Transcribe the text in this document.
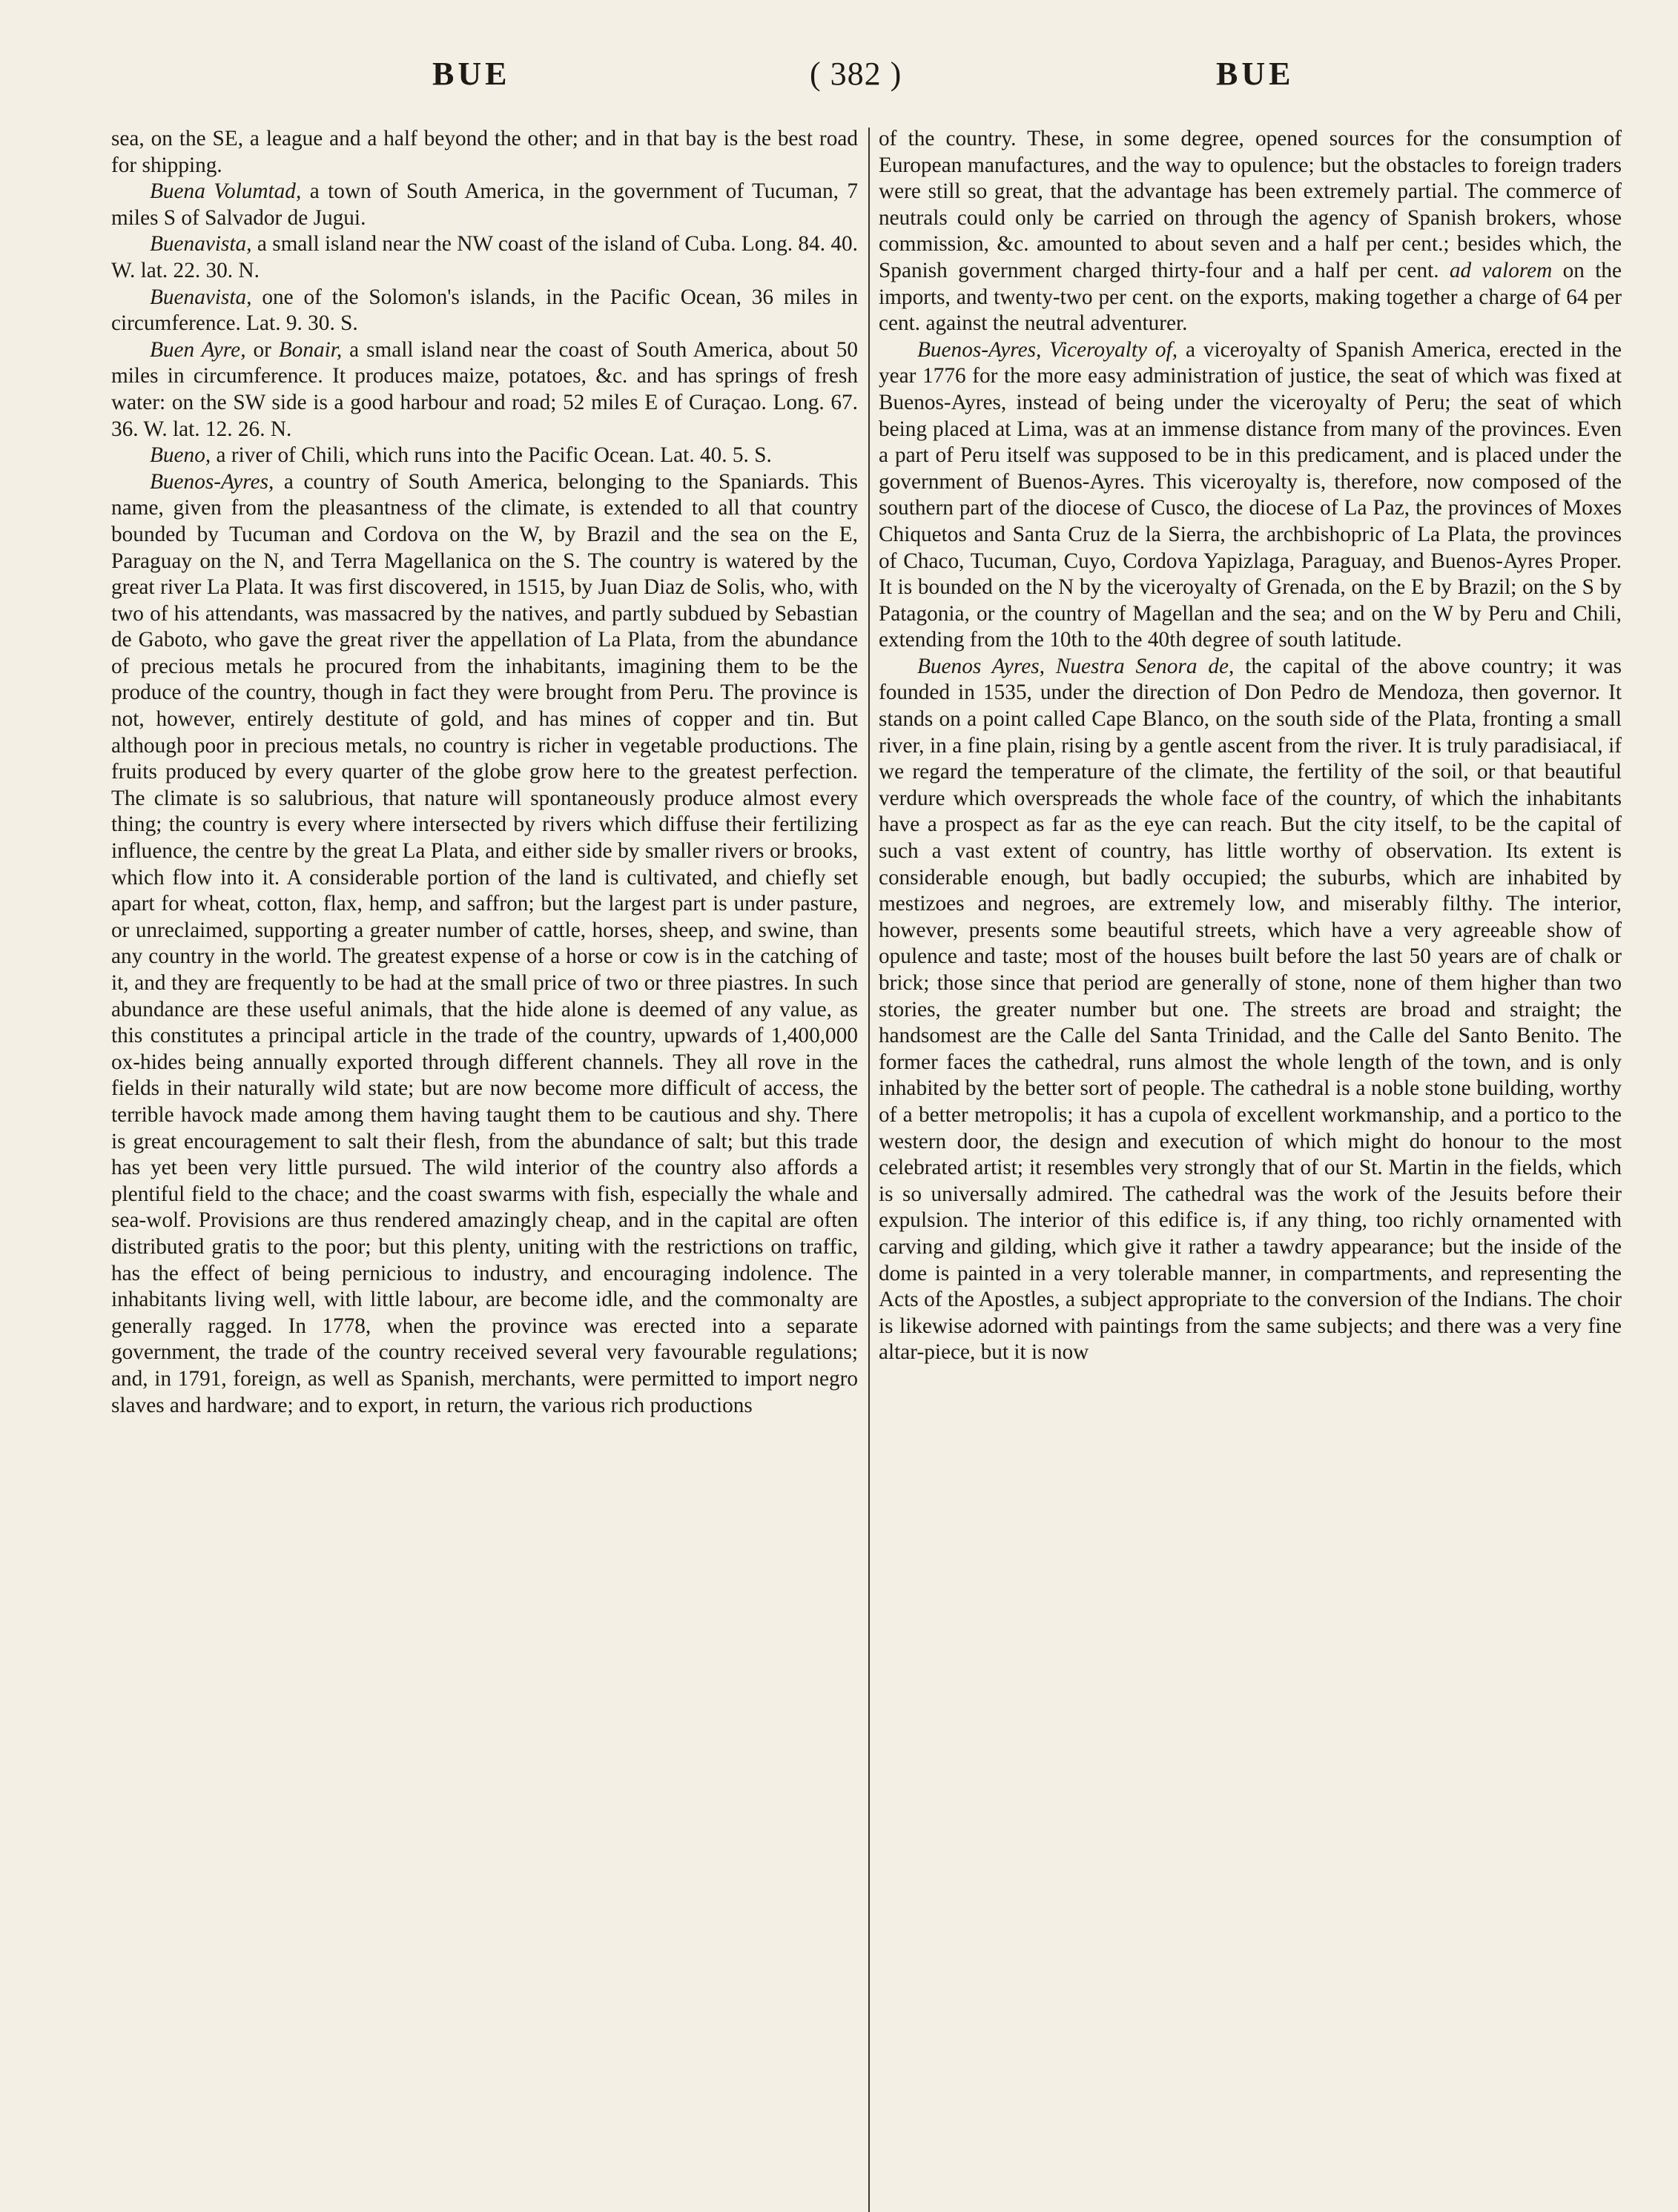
BUE	( 382 )	BUE

sea, on the SE, a league and a half beyond the other; and in that bay is the best road for shipping.

Buena Volumtad, a town of South America, in the government of Tucuman, 7 miles S of Salvador de Jugui.

Buenavista, a small island near the NW coast of the island of Cuba. Long. 84. 40. W. lat. 22. 30. N.

Buenavista, one of the Solomon's islands, in the Pacific Ocean, 36 miles in circumference. Lat. 9. 30. S.

Buen Ayre, or Bonair, a small island near the coast of South America, about 50 miles in circumference. It produces maize, potatoes, &c. and has springs of fresh water: on the SW side is a good harbour and road; 52 miles E of Curaçao. Long. 67. 36. W. lat. 12. 26. N.

Bueno, a river of Chili, which runs into the Pacific Ocean. Lat. 40. 5. S.

Buenos-Ayres, a country of South America, belonging to the Spaniards. This name, given from the pleasantness of the climate, is extended to all that country bounded by Tucuman and Cordova on the W, by Brazil and the sea on the E, Paraguay on the N, and Terra Magellanica on the S. The country is watered by the great river La Plata. It was first discovered, in 1515, by Juan Diaz de Solis, who, with two of his attendants, was massacred by the natives, and partly subdued by Sebastian de Gaboto, who gave the great river the appellation of La Plata, from the abundance of precious metals he procured from the inhabitants, imagining them to be the produce of the country, though in fact they were brought from Peru. The province is not, however, entirely destitute of gold, and has mines of copper and tin. But although poor in precious metals, no country is richer in vegetable productions. The fruits produced by every quarter of the globe grow here to the greatest perfection. The climate is so salubrious, that nature will spontaneously produce almost every thing; the country is every where intersected by rivers which diffuse their fertilizing influence, the centre by the great La Plata, and either side by smaller rivers or brooks, which flow into it. A considerable portion of the land is cultivated, and chiefly set apart for wheat, cotton, flax, hemp, and saffron; but the largest part is under pasture, or unreclaimed, supporting a greater number of cattle, horses, sheep, and swine, than any country in the world. The greatest expense of a horse or cow is in the catching of it, and they are frequently to be had at the small price of two or three piastres. In such abundance are these useful animals, that the hide alone is deemed of any value, as this constitutes a principal article in the trade of the country, upwards of 1,400,000 ox-hides being annually exported through different channels. They all rove in the fields in their naturally wild state; but are now become more difficult of access, the terrible havock made among them having taught them to be cautious and shy. There is great encouragement to salt their flesh, from the abundance of salt; but this trade has yet been very little pursued. The wild interior of the country also affords a plentiful field to the chace; and the coast swarms with fish, especially the whale and sea-wolf. Provisions are thus rendered amazingly cheap, and in the capital are often distributed gratis to the poor; but this plenty, uniting with the restrictions on traffic, has the effect of being pernicious to industry, and encouraging indolence. The inhabitants living well, with little labour, are become idle, and the commonalty are generally ragged. In 1778, when the province was erected into a separate government, the trade of the country received several very favourable regulations; and, in 1791, foreign, as well as Spanish, merchants, were permitted to import negro slaves and hardware; and to export, in return, the various rich productions

of the country. These, in some degree, opened sources for the consumption of European manufactures, and the way to opulence; but the obstacles to foreign traders were still so great, that the advantage has been extremely partial. The commerce of neutrals could only be carried on through the agency of Spanish brokers, whose commission, &c. amounted to about seven and a half per cent.; besides which, the Spanish government charged thirty-four and a half per cent. ad valorem on the imports, and twenty-two per cent. on the exports, making together a charge of 64 per cent. against the neutral adventurer.

Buenos-Ayres, Viceroyalty of, a viceroyalty of Spanish America, erected in the year 1776 for the more easy administration of justice, the seat of which was fixed at Buenos-Ayres, instead of being under the viceroyalty of Peru; the seat of which being placed at Lima, was at an immense distance from many of the provinces. Even a part of Peru itself was supposed to be in this predicament, and is placed under the government of Buenos-Ayres. This viceroyalty is, therefore, now composed of the southern part of the diocese of Cusco, the diocese of La Paz, the provinces of Moxes Chiquetos and Santa Cruz de la Sierra, the archbishopric of La Plata, the provinces of Chaco, Tucuman, Cuyo, Cordova Yapizlaga, Paraguay, and Buenos-Ayres Proper. It is bounded on the N by the viceroyalty of Grenada, on the E by Brazil; on the S by Patagonia, or the country of Magellan and the sea; and on the W by Peru and Chili, extending from the 10th to the 40th degree of south latitude.

Buenos Ayres, Nuestra Senora de, the capital of the above country; it was founded in 1535, under the direction of Don Pedro de Mendoza, then governor. It stands on a point called Cape Blanco, on the south side of the Plata, fronting a small river, in a fine plain, rising by a gentle ascent from the river. It is truly paradisiacal, if we regard the temperature of the climate, the fertility of the soil, or that beautiful verdure which overspreads the whole face of the country, of which the inhabitants have a prospect as far as the eye can reach. But the city itself, to be the capital of such a vast extent of country, has little worthy of observation. Its extent is considerable enough, but badly occupied; the suburbs, which are inhabited by mestizoes and negroes, are extremely low, and miserably filthy. The interior, however, presents some beautiful streets, which have a very agreeable show of opulence and taste; most of the houses built before the last 50 years are of chalk or brick; those since that period are generally of stone, none of them higher than two stories, the greater number but one. The streets are broad and straight; the handsomest are the Calle del Santa Trinidad, and the Calle del Santo Benito. The former faces the cathedral, runs almost the whole length of the town, and is only inhabited by the better sort of people. The cathedral is a noble stone building, worthy of a better metropolis; it has a cupola of excellent workmanship, and a portico to the western door, the design and execution of which might do honour to the most celebrated artist; it resembles very strongly that of our St. Martin in the fields, which is so universally admired. The cathedral was the work of the Jesuits before their expulsion. The interior of this edifice is, if any thing, too richly ornamented with carving and gilding, which give it rather a tawdry appearance; but the inside of the dome is painted in a very tolerable manner, in compartments, and representing the Acts of the Apostles, a subject appropriate to the conversion of the Indians. The choir is likewise adorned with paintings from the same subjects; and there was a very fine altar-piece, but it is now
